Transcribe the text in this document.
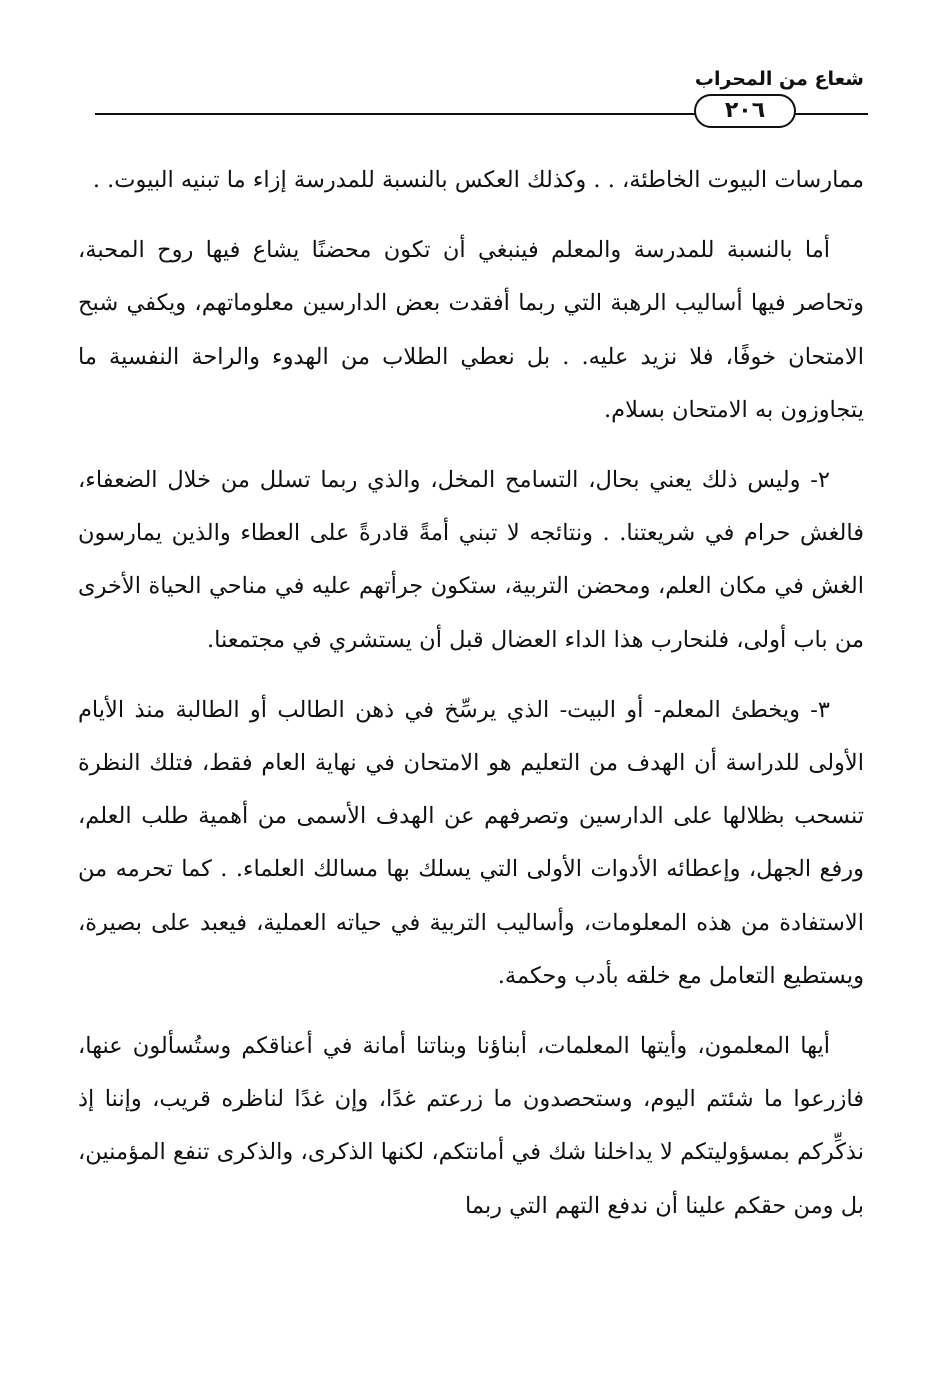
شعاع من المحراب
٢٠٦

ممارسات البيوت الخاطئة، . . وكذلك العكس بالنسبة للمدرسة إزاء ما تبنيه البيوت. .

أما بالنسبة للمدرسة والمعلم فينبغي أن تكون محضنًا يشاع فيها روح المحبة، وتحاصر فيها أساليب الرهبة التي ربما أفقدت بعض الدارسين معلوماتهم، ويكفي شبح الامتحان خوفًا، فلا نزيد عليه. . بل نعطي الطلاب من الهدوء والراحة النفسية ما يتجاوزون به الامتحان بسلام.

٢- وليس ذلك يعني بحال، التسامح المخل، والذي ربما تسلل من خلال الضعفاء، فالغش حرام في شريعتنا. . ونتائجه لا تبني أمةً قادرةً على العطاء والذين يمارسون الغش في مكان العلم، ومحضن التربية، ستكون جرأتهم عليه في مناحي الحياة الأخرى من باب أولى، فلنحارب هذا الداء العضال قبل أن يستشري في مجتمعنا.

٣- ويخطئ المعلم- أو البيت- الذي يرسِّخ في ذهن الطالب أو الطالبة منذ الأيام الأولى للدراسة أن الهدف من التعليم هو الامتحان في نهاية العام فقط، فتلك النظرة تنسحب بظلالها على الدارسين وتصرفهم عن الهدف الأسمى من أهمية طلب العلم، ورفع الجهل، وإعطائه الأدوات الأولى التي يسلك بها مسالك العلماء. . كما تحرمه من الاستفادة من هذه المعلومات، وأساليب التربية في حياته العملية، فيعبد على بصيرة، ويستطيع التعامل مع خلقه بأدب وحكمة.

أيها المعلمون، وأيتها المعلمات، أبناؤنا وبناتنا أمانة في أعناقكم وستُسألون عنها، فازرعوا ما شئتم اليوم، وستحصدون ما زرعتم غدًا، وإن غدًا لناظره قريب، وإننا إذ نذكِّركم بمسؤوليتكم لا يداخلنا شك في أمانتكم، لكنها الذكرى، والذكرى تنفع المؤمنين، بل ومن حقكم علينا أن ندفع التهم التي ربما
